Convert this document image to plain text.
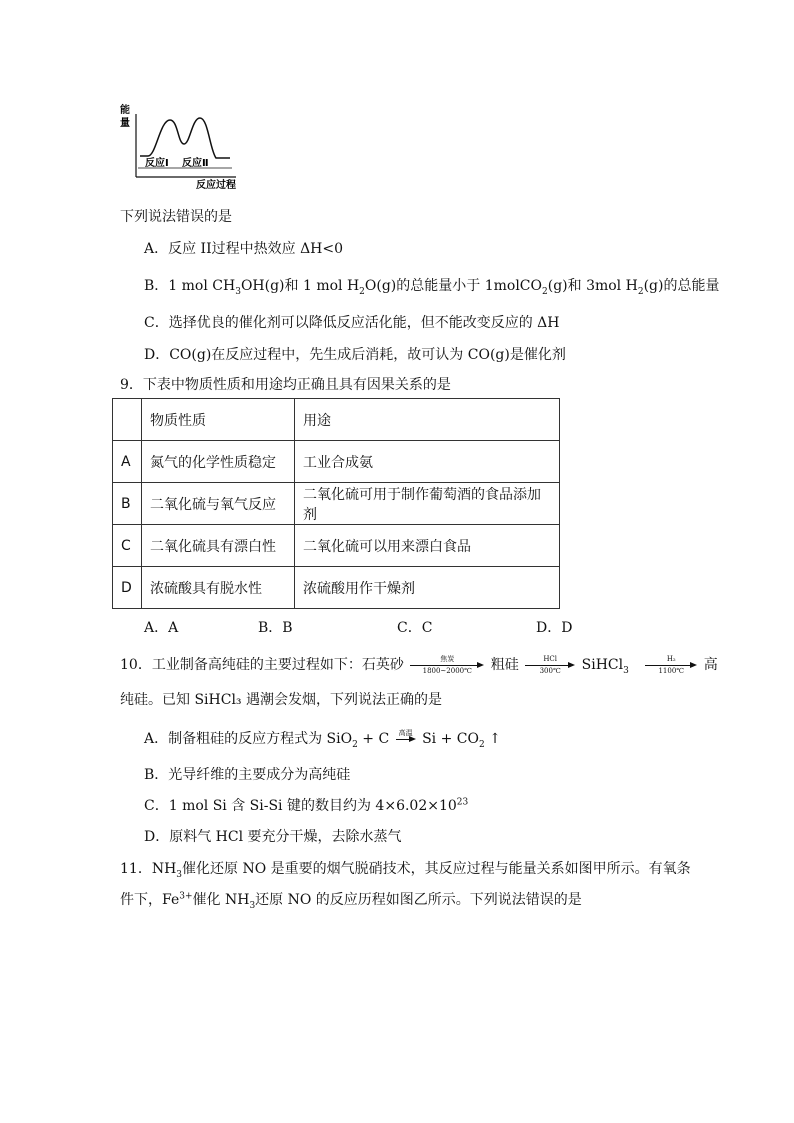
能
量
反应Ⅰ 反应Ⅱ
反应过程
下列说法错误的是
A．反应 II过程中热效应 ΔH<0
B．1 mol $CH_3OH(g)$和 1 mol $H_2O(g)$的总能量小于 1molCO$_2$(g)和 3mol $H_2(g)$的总能量
C．选择优良的催化剂可以降低反应活化能，但不能改变反应的 ΔH
D．CO(g)在反应过程中，先生成后消耗，故可认为 CO(g)是催化剂
9．下表中物质性质和用途均正确且具有因果关系的是
	物质性质	用途
A	氮气的化学性质稳定	工业合成氨
B	二氧化硫与氧气反应	二氧化硫可用于制作葡萄酒的食品添加剂
C	二氧化硫具有漂白性	二氧化硫可以用来漂白食品
D	浓硫酸具有脱水性	浓硫酸用作干燥剂
A．A	B．B	C．C	D．D
10．工业制备高纯硅的主要过程如下：石英砂	焦炭
1800~2000℃	粗硅	HCl
300℃	SiHCl$_3$
$\frac{\text{H₂}}{1100℃}$ 高
纯硅。已知 SiHCl₃ 遇潮会发烟，下列说法正确的是
A．制备粗硅的反应方程式为 SiO$_2$ + C	高温 $Si + CO_2$ ↑
B．光导纤维的主要成分为高纯硅
C．1 mol Si 含 Si-Si 键的数目约为 $4\times 6.02\times 10^{23}$
D．原料气 HCl 要充分干燥，去除水蒸气
11．$NH_3$催化还原 NO 是重要的烟气脱硝技术，其反应过程与能量关系如图甲所示。有氧条
件下，$Fe^{3+}$催化 $NH_3$还原 NO 的反应历程如图乙所示。下列说法错误的是
